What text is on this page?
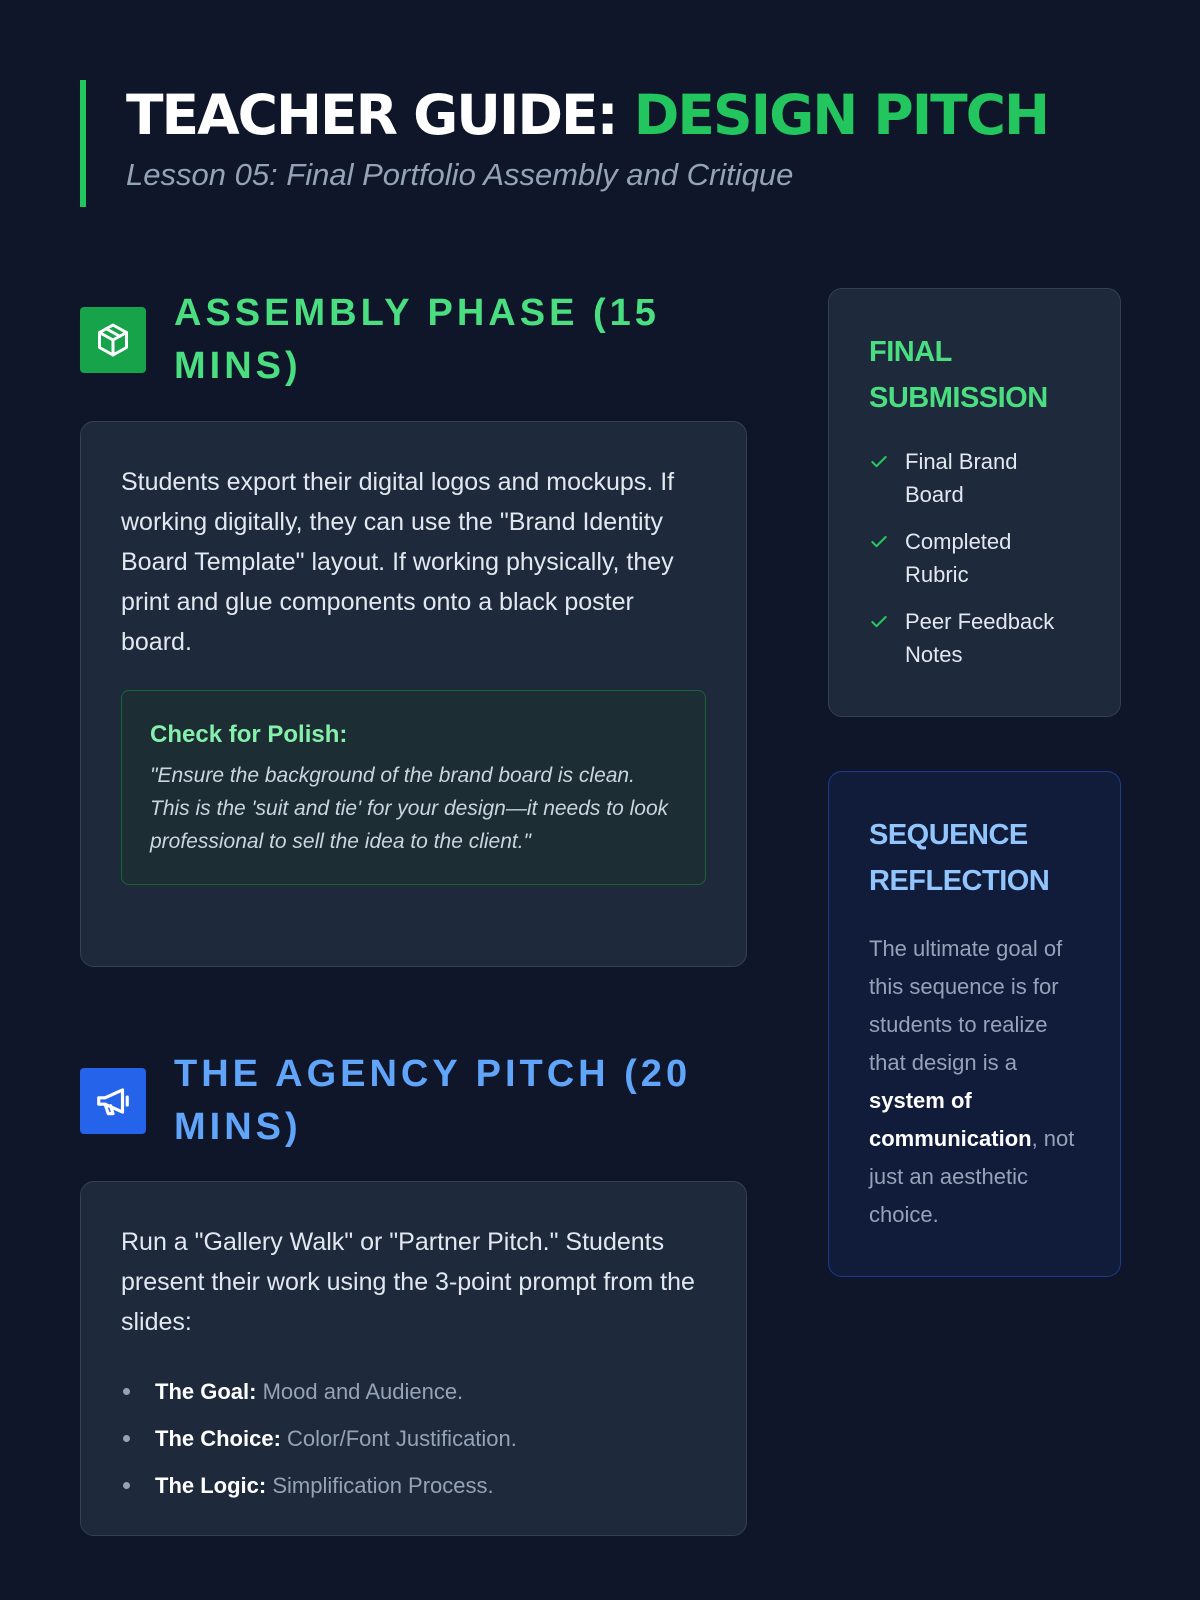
TEACHER GUIDE: DESIGN PITCH
Lesson 05: Final Portfolio Assembly and Critique
ASSEMBLY PHASE (15 MINS)

Students export their digital logos and mockups. If working digitally, they can use the "Brand Identity Board Template" layout. If working physically, they print and glue components onto a black poster board.

Check for Polish:
"Ensure the background of the brand board is clean. This is the 'suit and tie' for your design—it needs to look professional to sell the idea to the client."
THE AGENCY PITCH (20 MINS)

Run a "Gallery Walk" or "Partner Pitch." Students present their work using the 3-point prompt from the slides:

The Goal: Mood and Audience.
The Choice: Color/Font Justification.
The Logic: Simplification Process.
FINAL SUBMISSION
Final Brand Board
Completed Rubric
Peer Feedback Notes
SEQUENCE REFLECTION

The ultimate goal of this sequence is for students to realize that design is a system of communication, not just an aesthetic choice.
